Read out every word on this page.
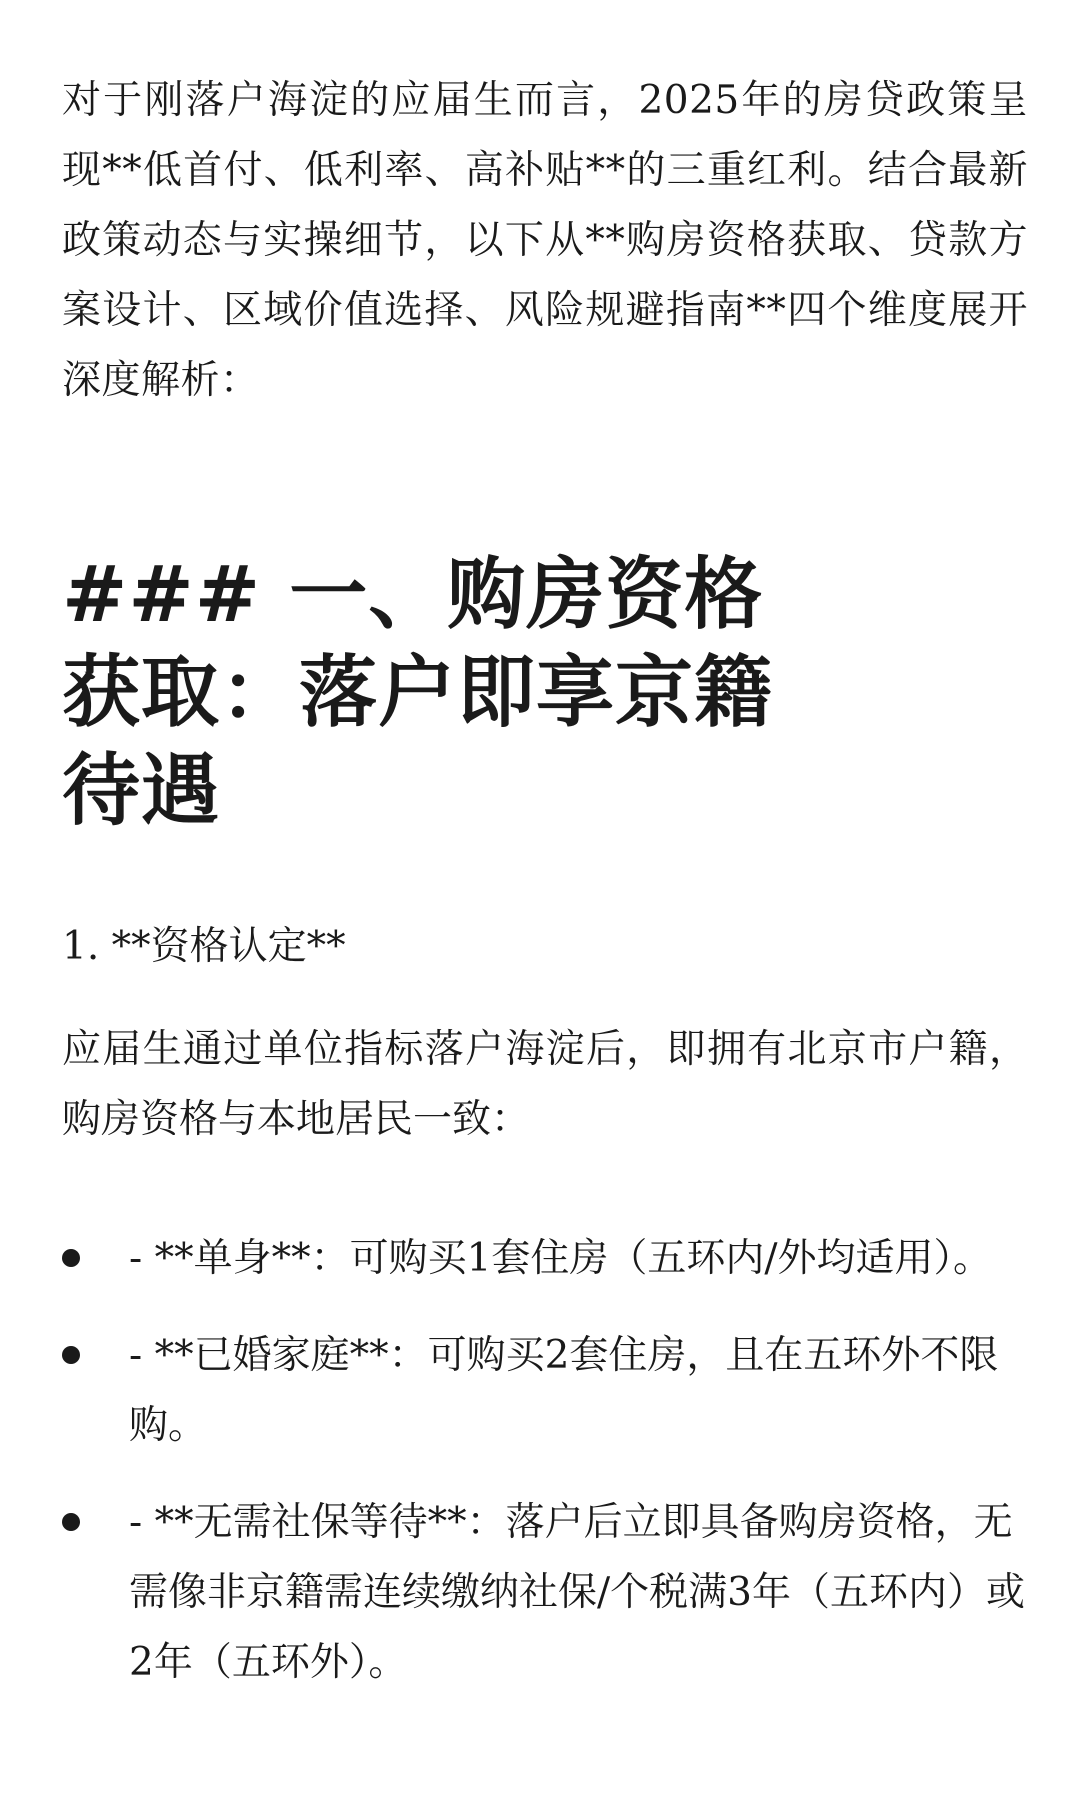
对于刚落户海淀的应届生而言，2025年的房贷政策呈现**低首付、低利率、高补贴**的三重红利。结合最新政策动态与实操细节，以下从**购房资格获取、贷款方案设计、区域价值选择、风险规避指南**四个维度展开深度解析：

### 一、购房资格获取：落户即享京籍待遇

1. **资格认定**

应届生通过单位指标落户海淀后，即拥有北京市户籍，购房资格与本地居民一致：

- **单身**：可购买1套住房（五环内/外均适用）。
- **已婚家庭**：可购买2套住房，且在五环外不限购。
- **无需社保等待**：落户后立即具备购房资格，无需像非京籍需连续缴纳社保/个税满3年（五环内）或2年（五环外）。
